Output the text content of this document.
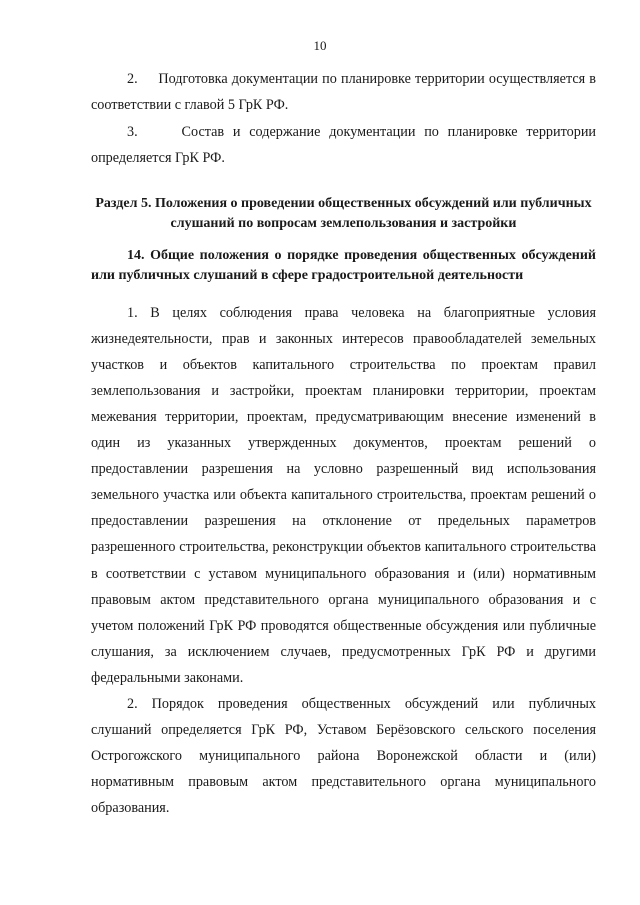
10

2.     Подготовка документации по планировке территории осуществляется в соответствии с главой 5 ГрК РФ.

3.     Состав и содержание документации по планировке территории определяется ГрК РФ.

Раздел 5. Положения о проведении общественных обсуждений или публичных слушаний по вопросам землепользования и застройки
14. Общие положения о порядке проведения общественных обсуждений или публичных слушаний в сфере градостроительной деятельности

1. В целях соблюдения права человека на благоприятные условия жизнедеятельности, прав и законных интересов правообладателей земельных участков и объектов капитального строительства по проектам правил землепользования и застройки, проектам планировки территории, проектам межевания территории, проектам, предусматривающим внесение изменений в один из указанных утвержденных документов, проектам решений о предоставлении разрешения на условно разрешенный вид использования земельного участка или объекта капитального строительства, проектам решений о предоставлении разрешения на отклонение от предельных параметров разрешенного строительства, реконструкции объектов капитального строительства в соответствии с уставом муниципального образования и (или) нормативным правовым актом представительного органа муниципального образования и с учетом положений ГрК РФ проводятся общественные обсуждения или публичные слушания, за исключением случаев, предусмотренных ГрК РФ и другими федеральными законами.

2. Порядок проведения общественных обсуждений или публичных слушаний определяется ГрК РФ, Уставом Берёзовского сельского поселения Острогожского муниципального района Воронежской области и (или) нормативным правовым актом представительного органа муниципального образования.
